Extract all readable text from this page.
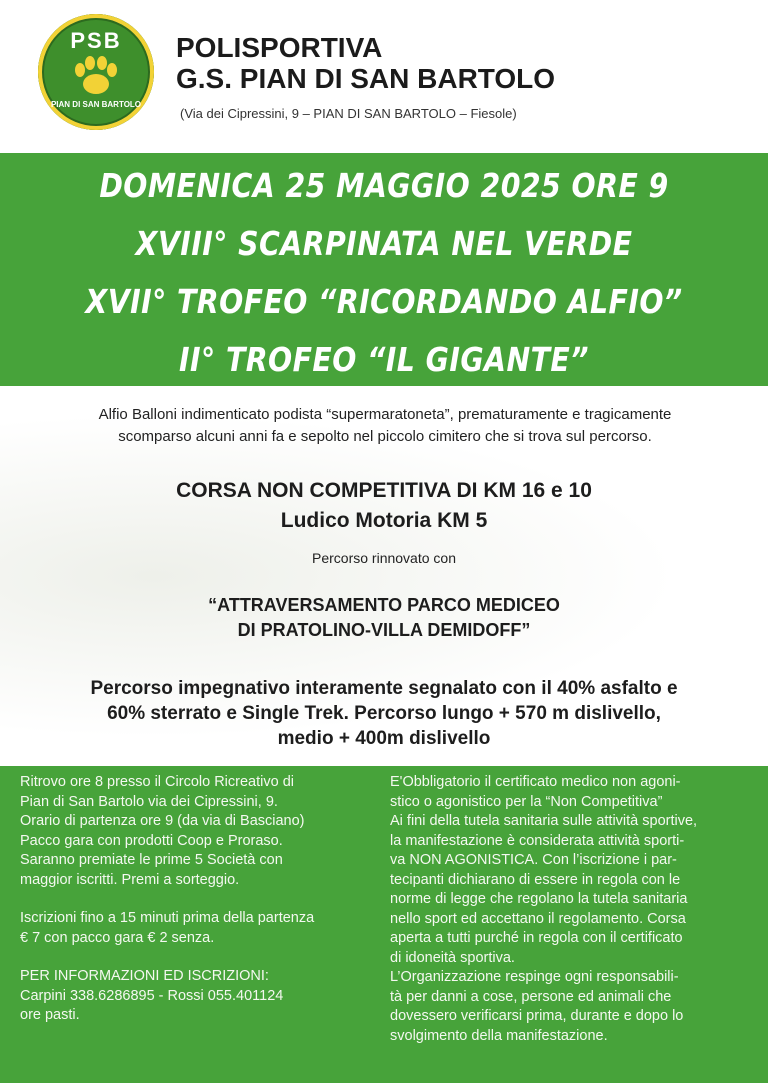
PSB
PIAN DI SAN BARTOLO
POLISPORTIVA
G.S. PIAN DI SAN BARTOLO
(Via dei Cipressini, 9 – PIAN DI SAN BARTOLO – Fiesole)
DOMENICA 25 MAGGIO 2025 ORE 9
XVIII° SCARPINATA NEL VERDE
XVII° TROFEO “RICORDANDO ALFIO”
II° TROFEO “IL GIGANTE”
Alfio Balloni indimenticato podista “supermaratoneta”, prematuramente e tragicamente
scomparso alcuni anni fa e sepolto nel piccolo cimitero che si trova sul percorso.
CORSA NON COMPETITIVA DI KM 16 e 10
Ludico Motoria KM 5
Percorso rinnovato con
“ATTRAVERSAMENTO PARCO MEDICEO
DI PRATOLINO-VILLA DEMIDOFF”
Percorso impegnativo interamente segnalato con il 40% asfalto e
60% sterrato e Single Trek. Percorso lungo + 570 m dislivello,
medio + 400m dislivello

Ritrovo ore 8 presso il Circolo Ricreativo di

Pian di San Bartolo via dei Cipressini, 9.

Orario di partenza ore 9 (da via di Basciano)

Pacco gara con prodotti Coop e Proraso.

Saranno premiate le prime 5 Società con

maggior iscritti. Premi a sorteggio.

Iscrizioni fino a 15 minuti prima della partenza

€ 7 con pacco gara € 2 senza.

PER INFORMAZIONI ED ISCRIZIONI:

Carpini 338.6286895 - Rossi 055.401124

ore pasti.

E'Obbligatorio il certificato medico non agoni-

stico o agonistico per la “Non Competitiva”

Ai fini della tutela sanitaria sulle attività sportive,

la manifestazione è considerata attività sporti-

va NON AGONISTICA. Con l’iscrizione i par-

tecipanti dichiarano di essere in regola con le

norme di legge che regolano la tutela sanitaria

nello sport ed accettano il regolamento. Corsa

aperta a tutti purché in regola con il certificato

di idoneità sportiva.

L’Organizzazione respinge ogni responsabili-

tà per danni a cose, persone ed animali che

dovessero verificarsi prima, durante e dopo lo

svolgimento della manifestazione.
